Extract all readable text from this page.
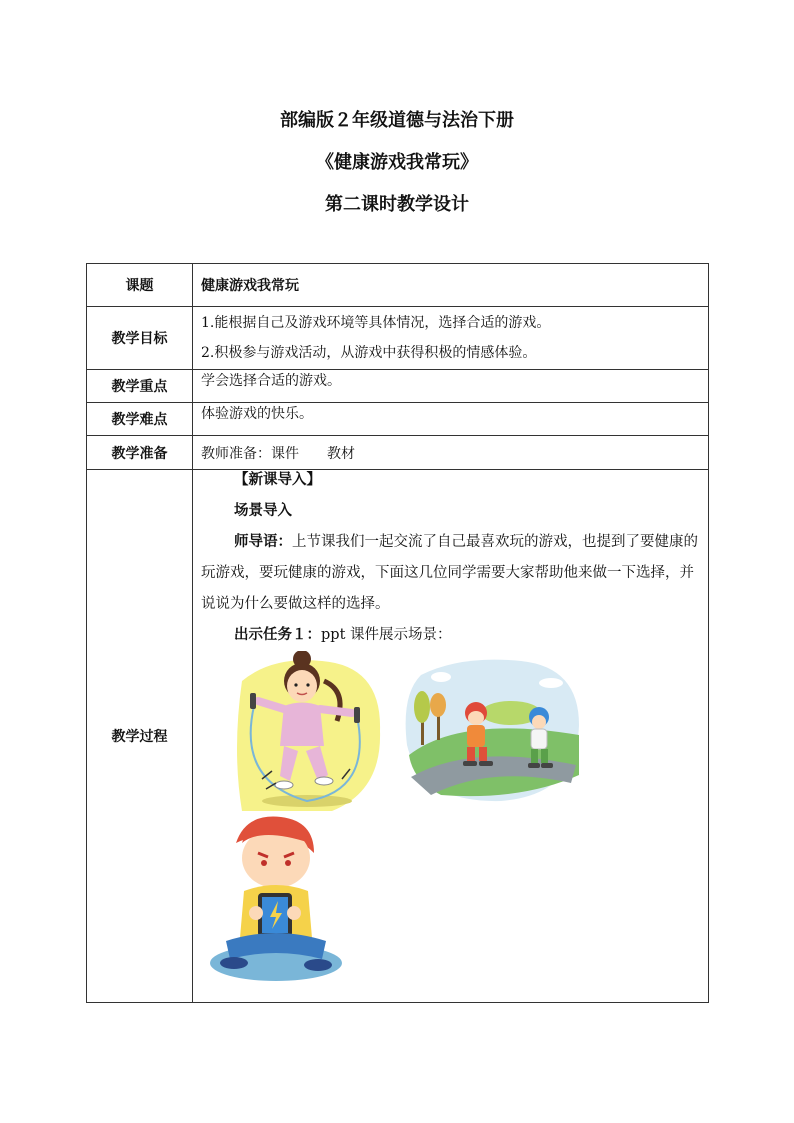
部编版２年级道德与法治下册
《健康游戏我常玩》
第二课时教学设计
课题	健康游戏我常玩
教学目标	1.能根据自己及游戏环境等具体情况，选择合适的游戏。
2.积极参与游戏活动，从游戏中获得积极的情感体验。

教学重点	学会选择合适的游戏。
教学难点	体验游戏的快乐。
教学准备	教师准备：课件　　教材
教学过程	【新课导入】

场景导入

师导语：上节课我们一起交流了自己最喜欢玩的游戏，也提到了要健康的玩游戏，要玩健康的游戏，下面这几位同学需要大家帮助他来做一下选择，并说说为什么要做这样的选择。

出示任务１：ppt 课件展示场景：
